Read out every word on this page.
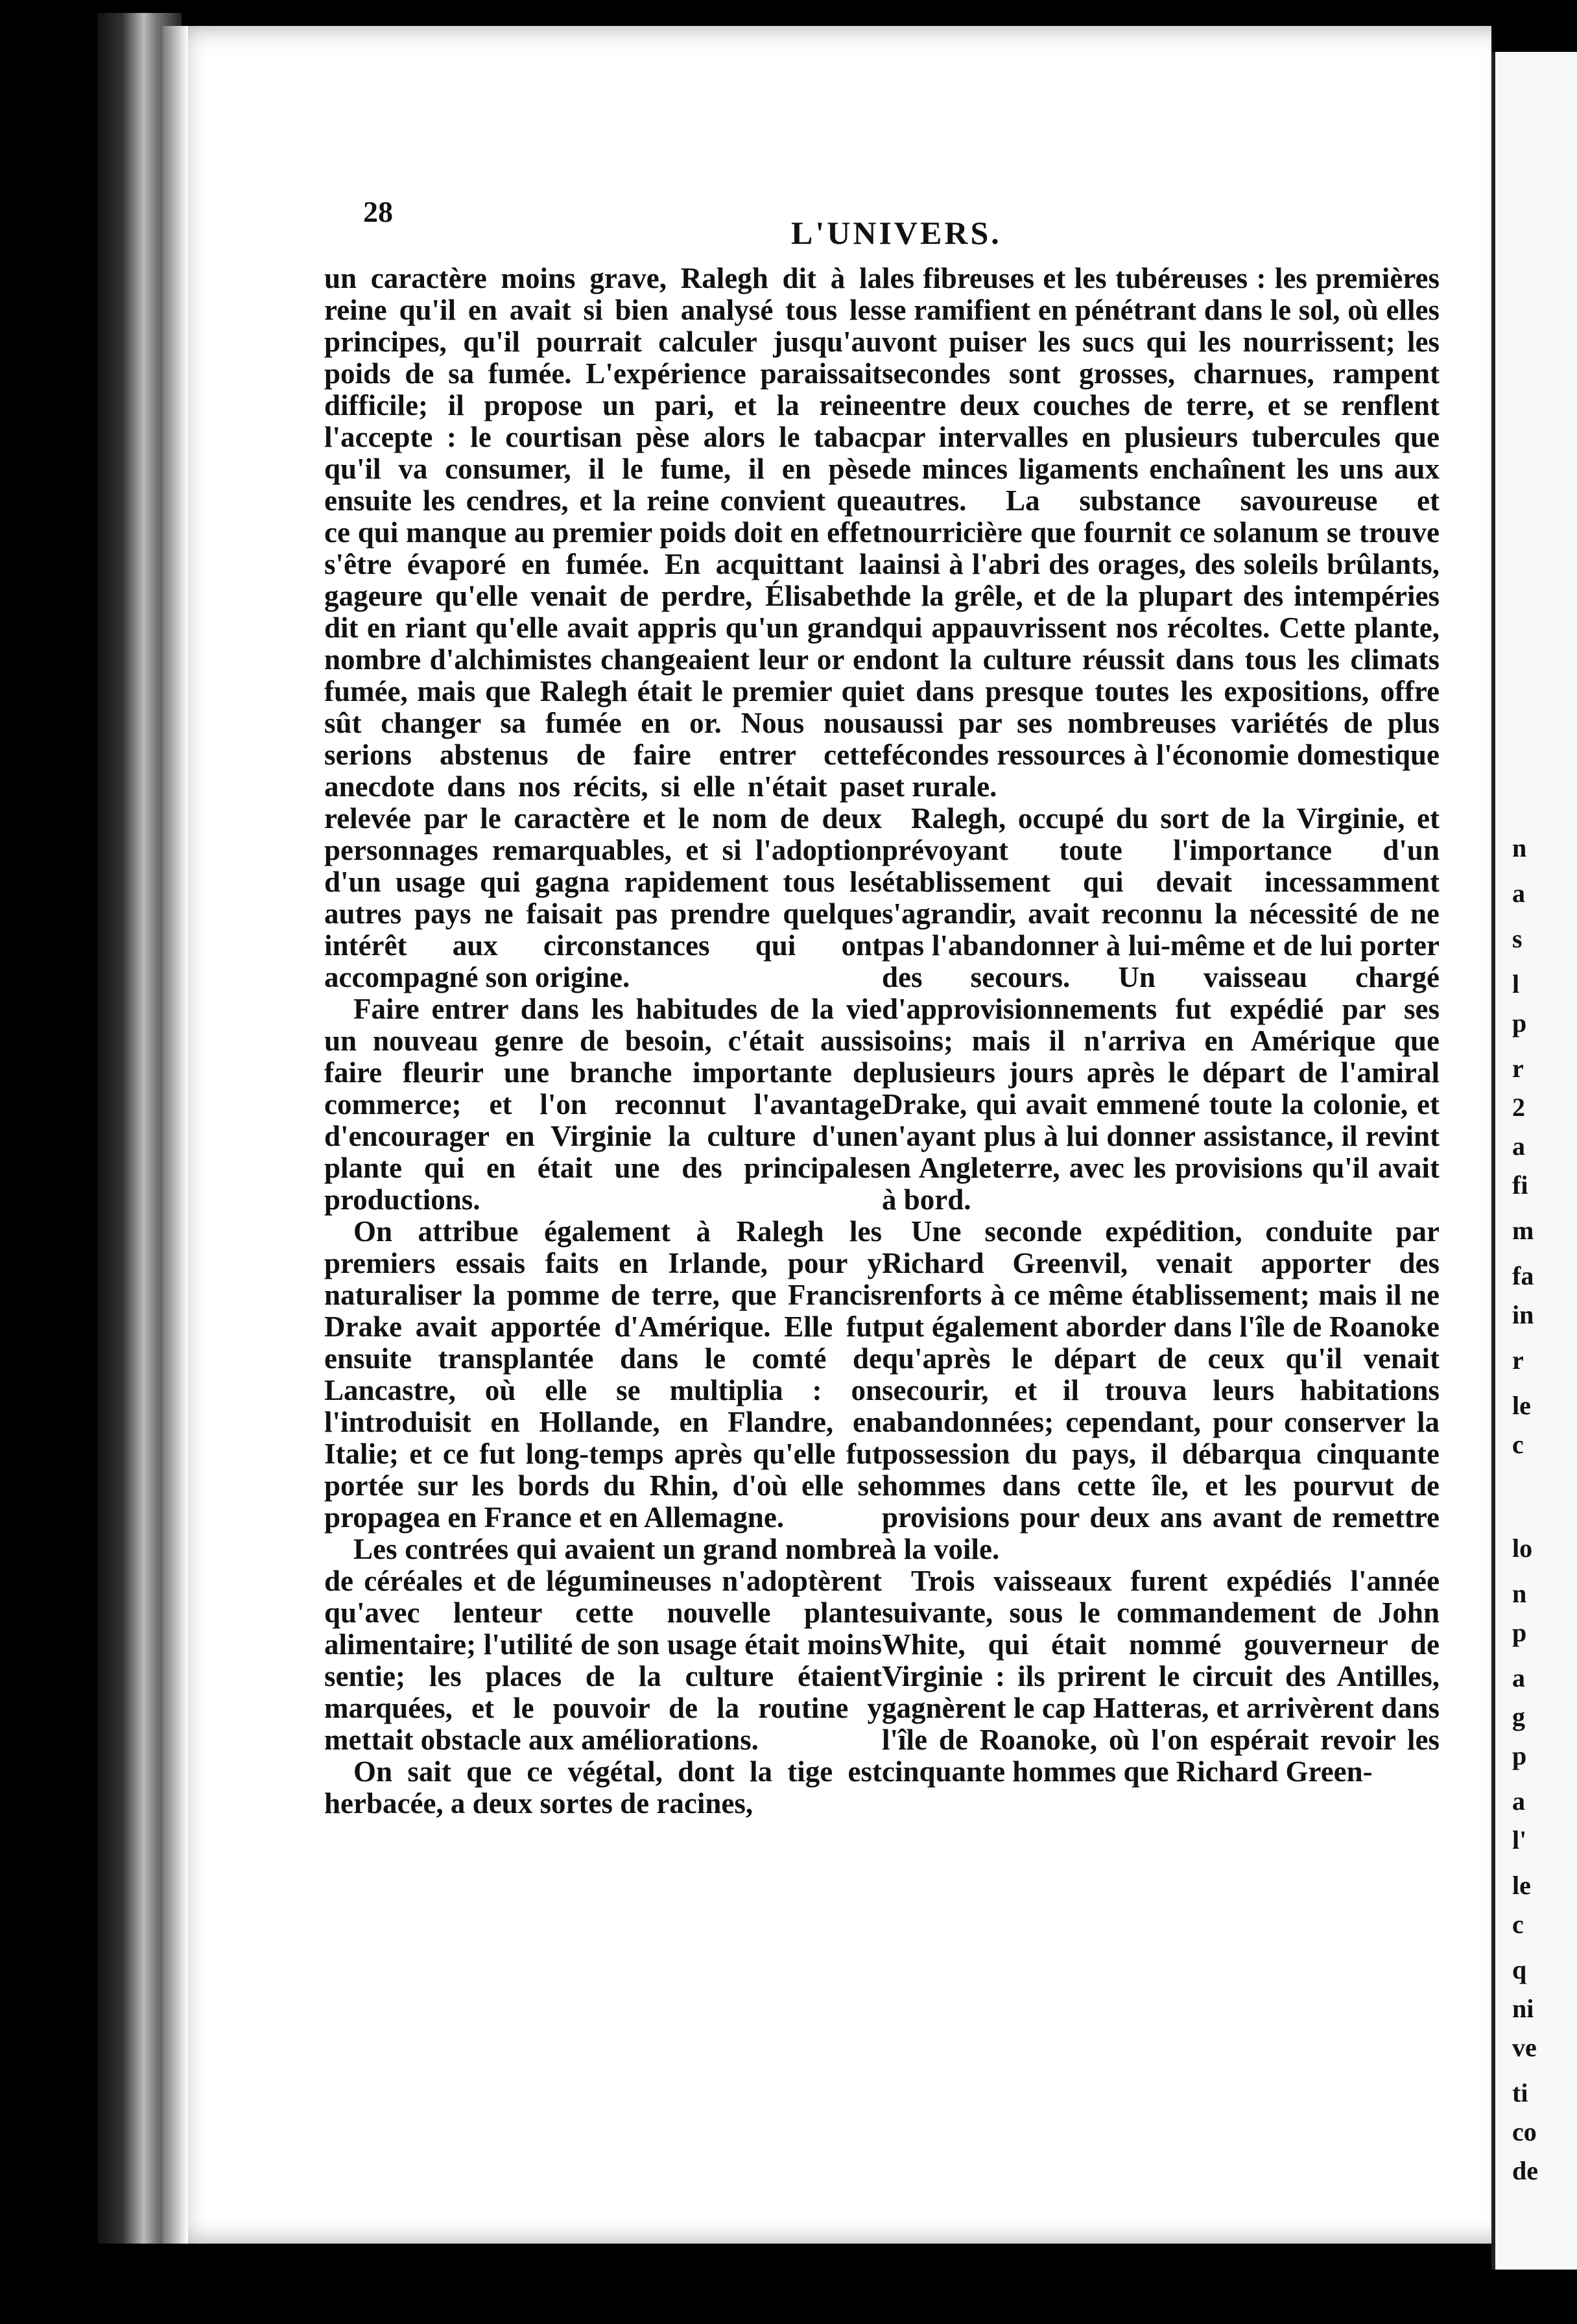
28
L'UNIVERS.

un caractère moins grave, Ralegh dit à la reine qu'il en avait si bien analysé tous les principes, qu'il pourrait calculer jusqu'au poids de sa fumée. L'expérience paraissait difficile; il propose un pari, et la reine l'accepte : le courtisan pèse alors le tabac qu'il va consumer, il le fume, il en pèse ensuite les cendres, et la reine convient que ce qui manque au premier poids doit en effet s'être évaporé en fumée. En acquittant la gageure qu'elle venait de perdre, Élisabeth dit en riant qu'elle avait appris qu'un grand nombre d'alchimistes changeaient leur or en fumée, mais que Ralegh était le premier qui sût changer sa fumée en or. Nous nous serions abstenus de faire entrer cette anecdote dans nos récits, si elle n'était pas relevée par le caractère et le nom de deux personnages remarquables, et si l'adoption d'un usage qui gagna rapidement tous les autres pays ne faisait pas prendre quelque intérêt aux circonstances qui ont accompagné son origine.

Faire entrer dans les habitudes de la vie un nouveau genre de besoin, c'était aussi faire fleurir une branche importante de commerce; et l'on reconnut l'avantage d'encourager en Virginie la culture d'une plante qui en était une des principales productions.

On attribue également à Ralegh les premiers essais faits en Irlande, pour y naturaliser la pomme de terre, que Francis Drake avait apportée d'Amérique. Elle fut ensuite transplantée dans le comté de Lancastre, où elle se multiplia : on l'introduisit en Hollande, en Flandre, en Italie; et ce fut long-temps après qu'elle fut portée sur les bords du Rhin, d'où elle se propagea en France et en Allemagne.

Les contrées qui avaient un grand nombre de céréales et de légumineuses n'adoptèrent qu'avec lenteur cette nouvelle plante alimentaire; l'utilité de son usage était moins sentie; les places de la culture étaient marquées, et le pouvoir de la routine y mettait obstacle aux améliorations.

On sait que ce végétal, dont la tige est herbacée, a deux sortes de racines,

les fibreuses et les tubéreuses : les premières se ramifient en pénétrant dans le sol, où elles vont puiser les sucs qui les nourrissent; les secondes sont grosses, charnues, rampent entre deux couches de terre, et se renflent par intervalles en plusieurs tubercules que de minces ligaments enchaînent les uns aux autres. La substance savoureuse et nourricière que fournit ce solanum se trouve ainsi à l'abri des orages, des soleils brûlants, de la grêle, et de la plupart des intempéries qui appauvrissent nos récoltes. Cette plante, dont la culture réussit dans tous les climats et dans presque toutes les expositions, offre aussi par ses nombreuses variétés de plus fécondes ressources à l'économie domestique et rurale.

Ralegh, occupé du sort de la Virginie, et prévoyant toute l'importance d'un établissement qui devait incessamment s'agrandir, avait reconnu la nécessité de ne pas l'abandonner à lui-même et de lui porter des secours. Un vaisseau chargé d'approvisionnements fut expédié par ses soins; mais il n'arriva en Amérique que plusieurs jours après le départ de l'amiral Drake, qui avait emmené toute la colonie, et n'ayant plus à lui donner assistance, il revint en Angleterre, avec les provisions qu'il avait à bord.

Une seconde expédition, conduite par Richard Greenvil, venait apporter des renforts à ce même établissement; mais il ne put également aborder dans l'île de Roanoke qu'après le départ de ceux qu'il venait secourir, et il trouva leurs habitations abandonnées; cependant, pour conserver la possession du pays, il débarqua cinquante hommes dans cette île, et les pourvut de provisions pour deux ans avant de remettre à la voile.

Trois vaisseaux furent expédiés l'année suivante, sous le commandement de John White, qui était nommé gouverneur de Virginie : ils prirent le circuit des Antilles, gagnèrent le cap Hatteras, et arrivèrent dans l'île de Roanoke, où l'on espérait revoir les cinquante hommes que Richard Green-

n
a
s
l
p
r
2
a
fi
m
fa
in
r
le
c
lo
n
p
a
g
p
a
l'
le
c
q
ni
ve
ti
co
de
